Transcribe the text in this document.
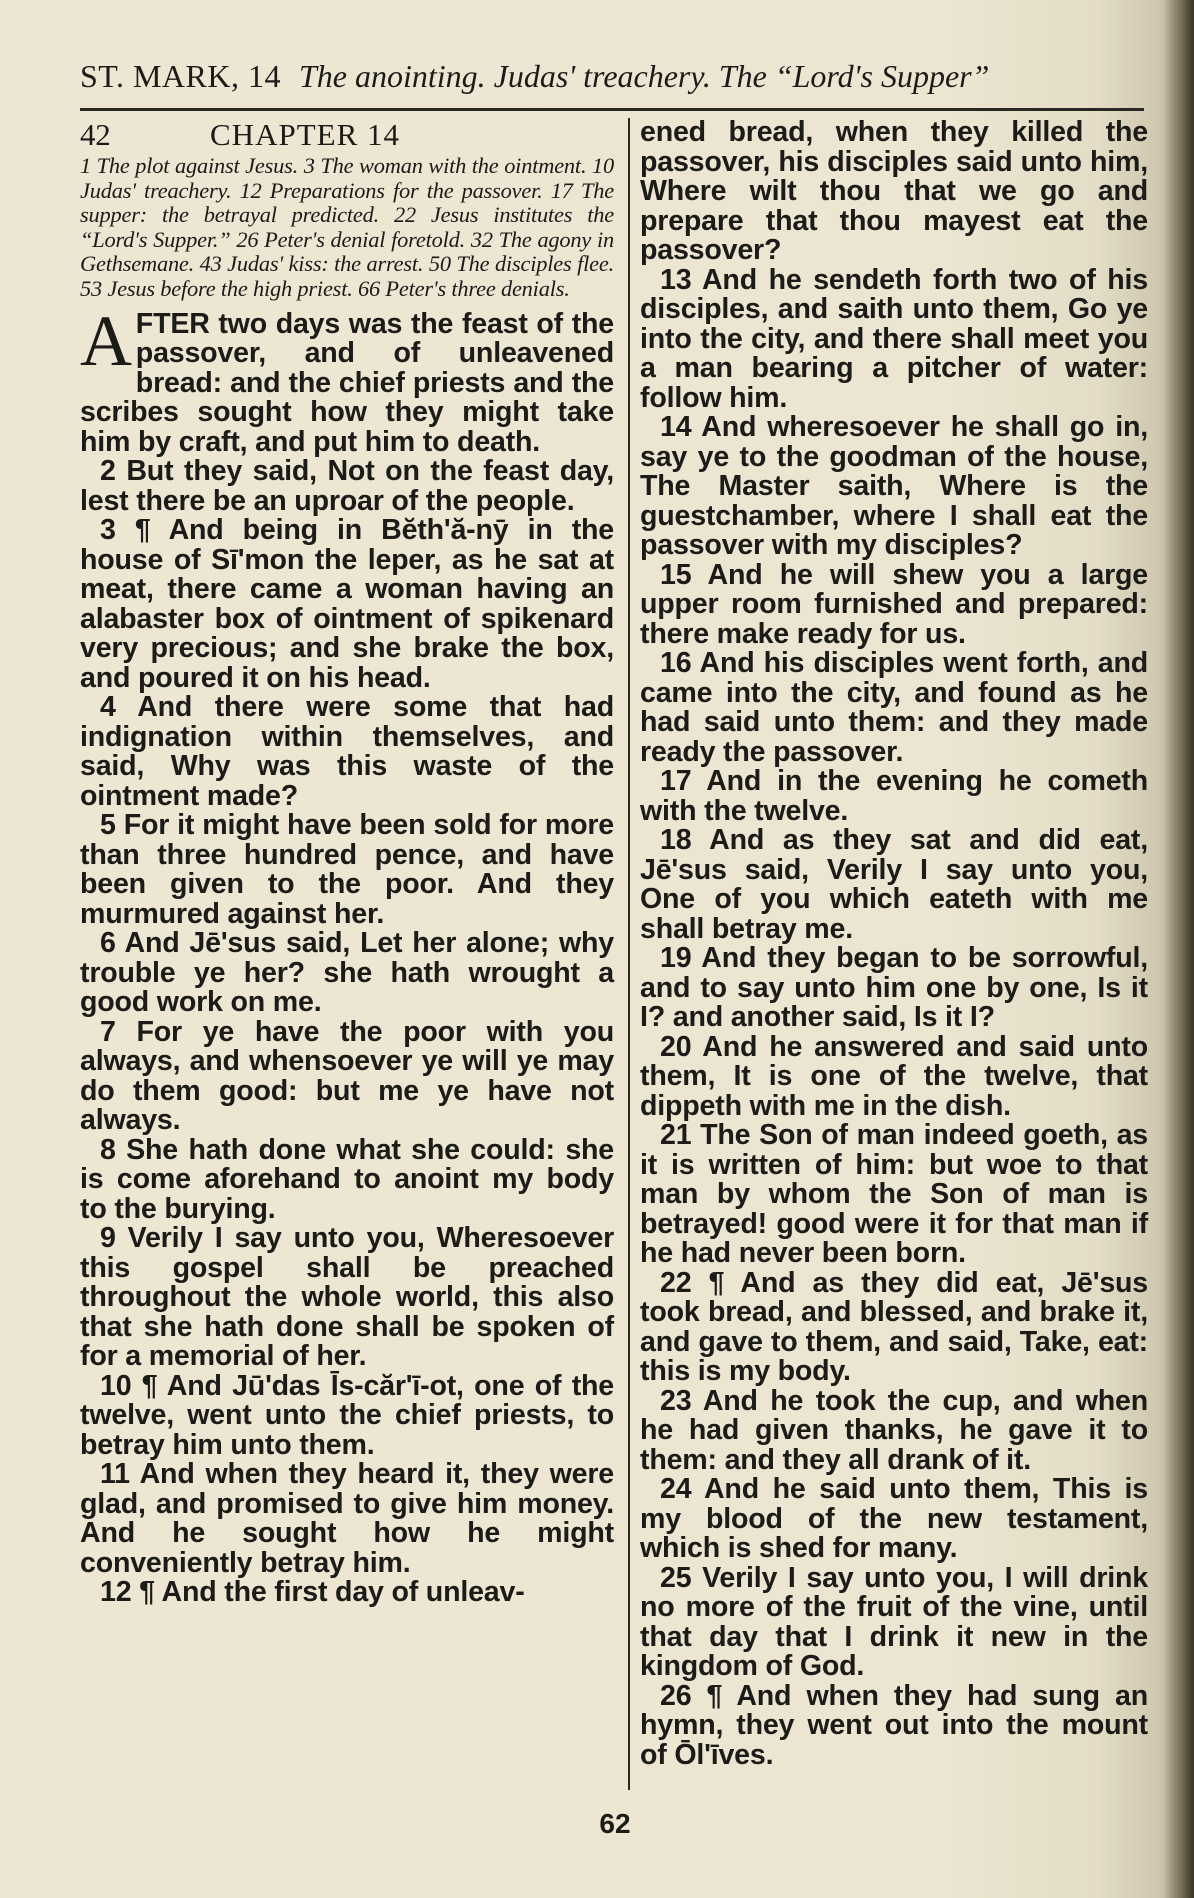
ST. MARK, 14 The anointing. Judas' treachery. The “Lord's Supper”
42	CHAPTER 14
1 The plot against Jesus. 3 The woman with the ointment. 10 Judas' treachery. 12 Preparations for the passover. 17 The supper: the betrayal predicted. 22 Jesus institutes the “Lord's Supper.” 26 Peter's denial foretold. 32 The agony in Gethsemane. 43 Judas' kiss: the arrest. 50 The disciples flee. 53 Jesus before the high priest. 66 Peter's three denials.

AFTER two days was the feast of the passover, and of unleavened bread: and the chief priests and the scribes sought how they might take him by craft, and put him to death.

2 But they said, Not on the feast day, lest there be an uproar of the people.

3 ¶ And being in Bĕth'ă-nȳ in the house of Sī'mon the leper, as he sat at meat, there came a woman having an alabaster box of ointment of spikenard very precious; and she brake the box, and poured it on his head.

4 And there were some that had indignation within themselves, and said, Why was this waste of the ointment made?

5 For it might have been sold for more than three hundred pence, and have been given to the poor. And they murmured against her.

6 And Jē'sus said, Let her alone; why trouble ye her? she hath wrought a good work on me.

7 For ye have the poor with you always, and whensoever ye will ye may do them good: but me ye have not always.

8 She hath done what she could: she is come aforehand to anoint my body to the burying.

9 Verily I say unto you, Wheresoever this gospel shall be preached throughout the whole world, this also that she hath done shall be spoken of for a memorial of her.

10 ¶ And Jū'das Īs-căr'ī-ot, one of the twelve, went unto the chief priests, to betray him unto them.

11 And when they heard it, they were glad, and promised to give him money. And he sought how he might conveniently betray him.

12 ¶ And the first day of unleav-

ened bread, when they killed the passover, his disciples said unto him, Where wilt thou that we go and prepare that thou mayest eat the passover?

13 And he sendeth forth two of his disciples, and saith unto them, Go ye into the city, and there shall meet you a man bearing a pitcher of water: follow him.

14 And wheresoever he shall go in, say ye to the goodman of the house, The Master saith, Where is the guestchamber, where I shall eat the passover with my disciples?

15 And he will shew you a large upper room furnished and prepared: there make ready for us.

16 And his disciples went forth, and came into the city, and found as he had said unto them: and they made ready the passover.

17 And in the evening he cometh with the twelve.

18 And as they sat and did eat, Jē'sus said, Verily I say unto you, One of you which eateth with me shall betray me.

19 And they began to be sorrowful, and to say unto him one by one, Is it I? and another said, Is it I?

20 And he answered and said unto them, It is one of the twelve, that dippeth with me in the dish.

21 The Son of man indeed goeth, as it is written of him: but woe to that man by whom the Son of man is betrayed! good were it for that man if he had never been born.

22 ¶ And as they did eat, Jē'sus took bread, and blessed, and brake it, and gave to them, and said, Take, eat: this is my body.

23 And he took the cup, and when he had given thanks, he gave it to them: and they all drank of it.

24 And he said unto them, This is my blood of the new testament, which is shed for many.

25 Verily I say unto you, I will drink no more of the fruit of the vine, until that day that I drink it new in the kingdom of God.

26 ¶ And when they had sung an hymn, they went out into the mount of Ōl'īves.

62
